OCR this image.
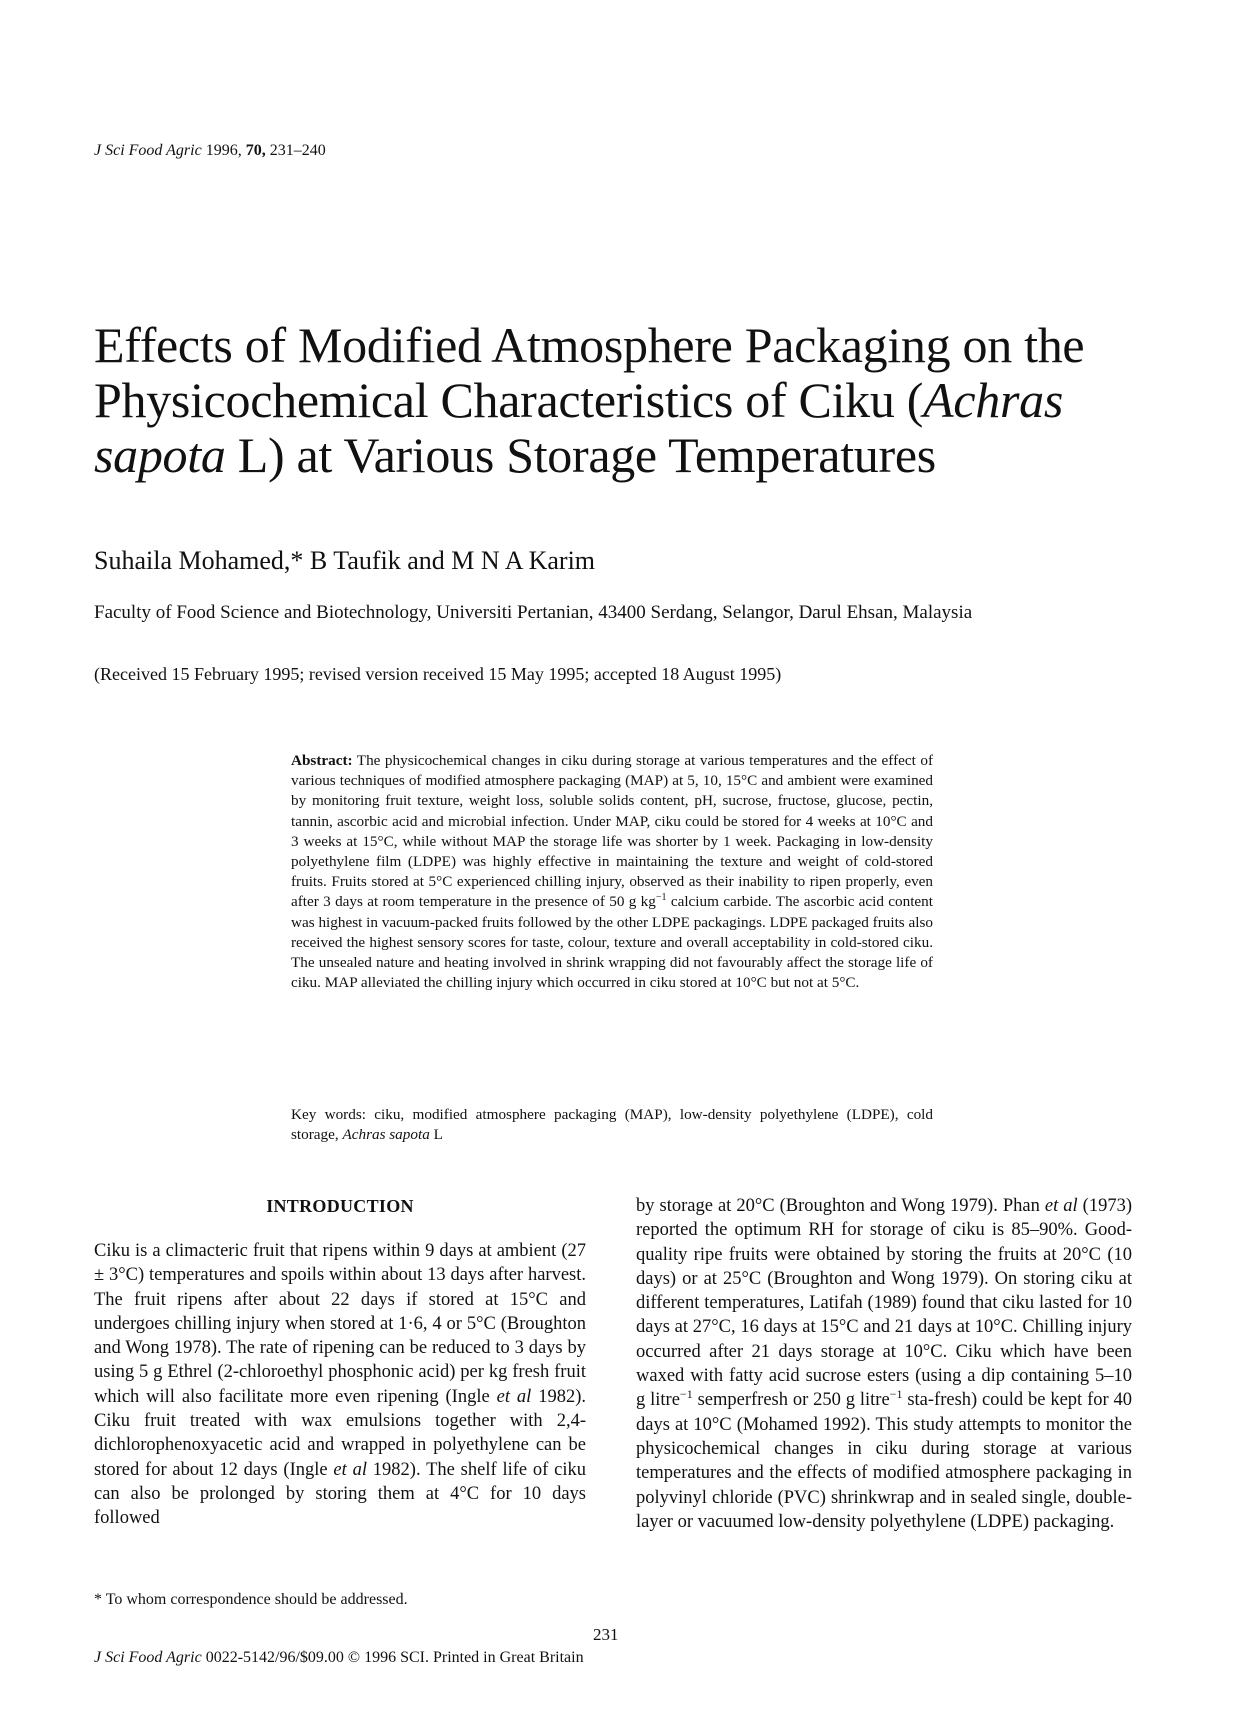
J Sci Food Agric 1996, 70, 231–240
Effects of Modified Atmosphere Packaging on the Physicochemical Characteristics of Ciku (Achras sapota L) at Various Storage Temperatures
Suhaila Mohamed,* B Taufik and M N A Karim
Faculty of Food Science and Biotechnology, Universiti Pertanian, 43400 Serdang, Selangor, Darul Ehsan, Malaysia
(Received 15 February 1995; revised version received 15 May 1995; accepted 18 August 1995)

Abstract: The physicochemical changes in ciku during storage at various temperatures and the effect of various techniques of modified atmosphere packaging (MAP) at 5, 10, 15°C and ambient were examined by monitoring fruit texture, weight loss, soluble solids content, pH, sucrose, fructose, glucose, pectin, tannin, ascorbic acid and microbial infection. Under MAP, ciku could be stored for 4 weeks at 10°C and 3 weeks at 15°C, while without MAP the storage life was shorter by 1 week. Packaging in low-density polyethylene film (LDPE) was highly effective in maintaining the texture and weight of cold-stored fruits. Fruits stored at 5°C experienced chilling injury, observed as their inability to ripen properly, even after 3 days at room temperature in the presence of 50 g $kg^{-1}$ calcium carbide. The ascorbic acid content was highest in vacuum-packed fruits followed by the other LDPE packagings. LDPE packaged fruits also received the highest sensory scores for taste, colour, texture and overall acceptability in cold-stored ciku. The unsealed nature and heating involved in shrink wrapping did not favourably affect the storage life of ciku. MAP alleviated the chilling injury which occurred in ciku stored at 10°C but not at 5°C.

Key words: ciku, modified atmosphere packaging (MAP), low-density polyethylene (LDPE), cold storage, Achras sapota L

INTRODUCTION

Ciku is a climacteric fruit that ripens within 9 days at ambient (27 ± 3°C) temperatures and spoils within about 13 days after harvest. The fruit ripens after about 22 days if stored at 15°C and undergoes chilling injury when stored at 1·6, 4 or 5°C (Broughton and Wong 1978). The rate of ripening can be reduced to 3 days by using 5 g Ethrel (2-chloroethyl phosphonic acid) per kg fresh fruit which will also facilitate more even ripening (Ingle et al 1982). Ciku fruit treated with wax emulsions together with 2,4-dichlorophenoxyacetic acid and wrapped in polyethylene can be stored for about 12 days (Ingle et al 1982). The shelf life of ciku can also be prolonged by storing them at 4°C for 10 days followed

by storage at 20°C (Broughton and Wong 1979). Phan et al (1973) reported the optimum RH for storage of ciku is 85–90%. Good-quality ripe fruits were obtained by storing the fruits at 20°C (10 days) or at 25°C (Broughton and Wong 1979). On storing ciku at different temperatures, Latifah (1989) found that ciku lasted for 10 days at 27°C, 16 days at 15°C and 21 days at 10°C. Chilling injury occurred after 21 days storage at 10°C. Ciku which have been waxed with fatty acid sucrose esters (using a dip containing 5–10 g litre$^{-1}$ semperfresh or 250 g litre$^{-1}$ sta-fresh) could be kept for 40 days at 10°C (Mohamed 1992). This study attempts to monitor the physicochemical changes in ciku during storage at various temperatures and the effects of modified atmosphere packaging in polyvinyl chloride (PVC) shrinkwrap and in sealed single, double-layer or vacuumed low-density polyethylene (LDPE) packaging.

* To whom correspondence should be addressed.
231
J Sci Food Agric 0022-5142/96/$09.00 © 1996 SCI. Printed in Great Britain
